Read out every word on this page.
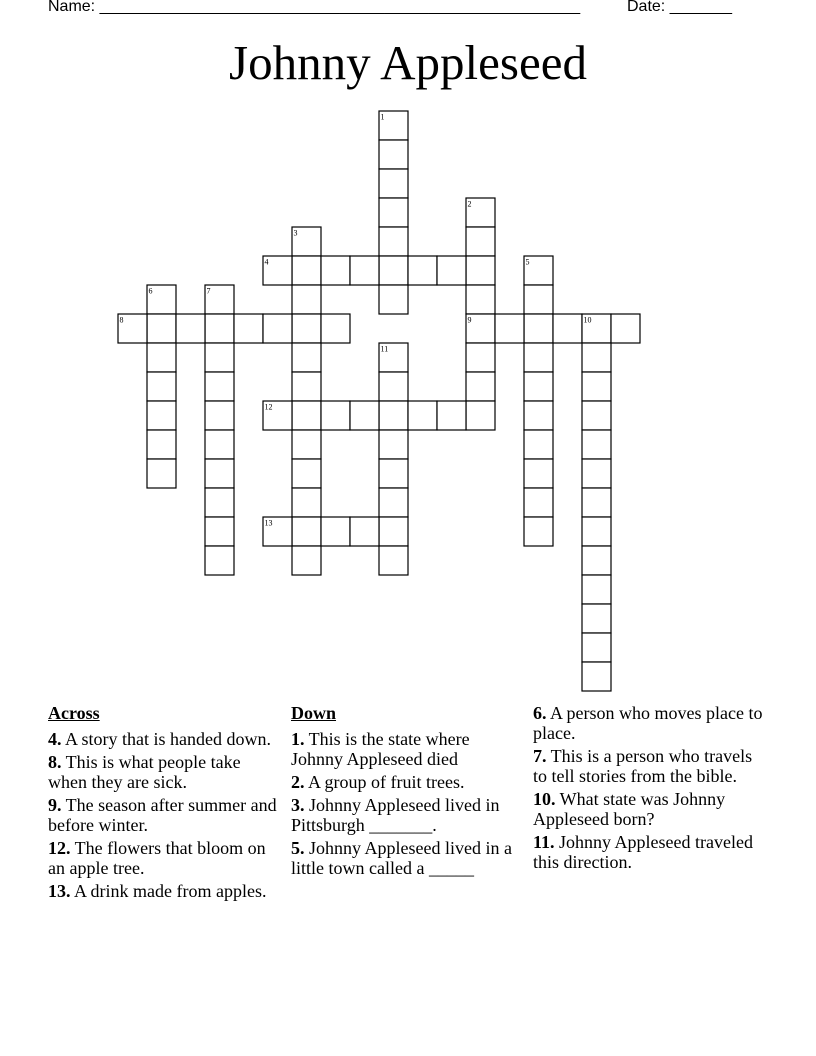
Name: ______________________________________________________	Date: _______
Johnny Appleseed
1
2
3
4	5
6	7
8	9	10
11
12
13
Across
4. A story that is handed down.
8. This is what people take when they are sick.
9. The season after summer and before winter.
12. The flowers that bloom on an apple tree.
13. A drink made from apples.
Down
1. This is the state where Johnny Appleseed died
2. A group of fruit trees.
3. Johnny Appleseed lived in Pittsburgh _______.
5. Johnny Appleseed lived in a little town called a _____
6. A person who moves place to place.
7. This is a person who travels to tell stories from the bible.
10. What state was Johnny Appleseed born?
11. Johnny Appleseed traveled this direction.
